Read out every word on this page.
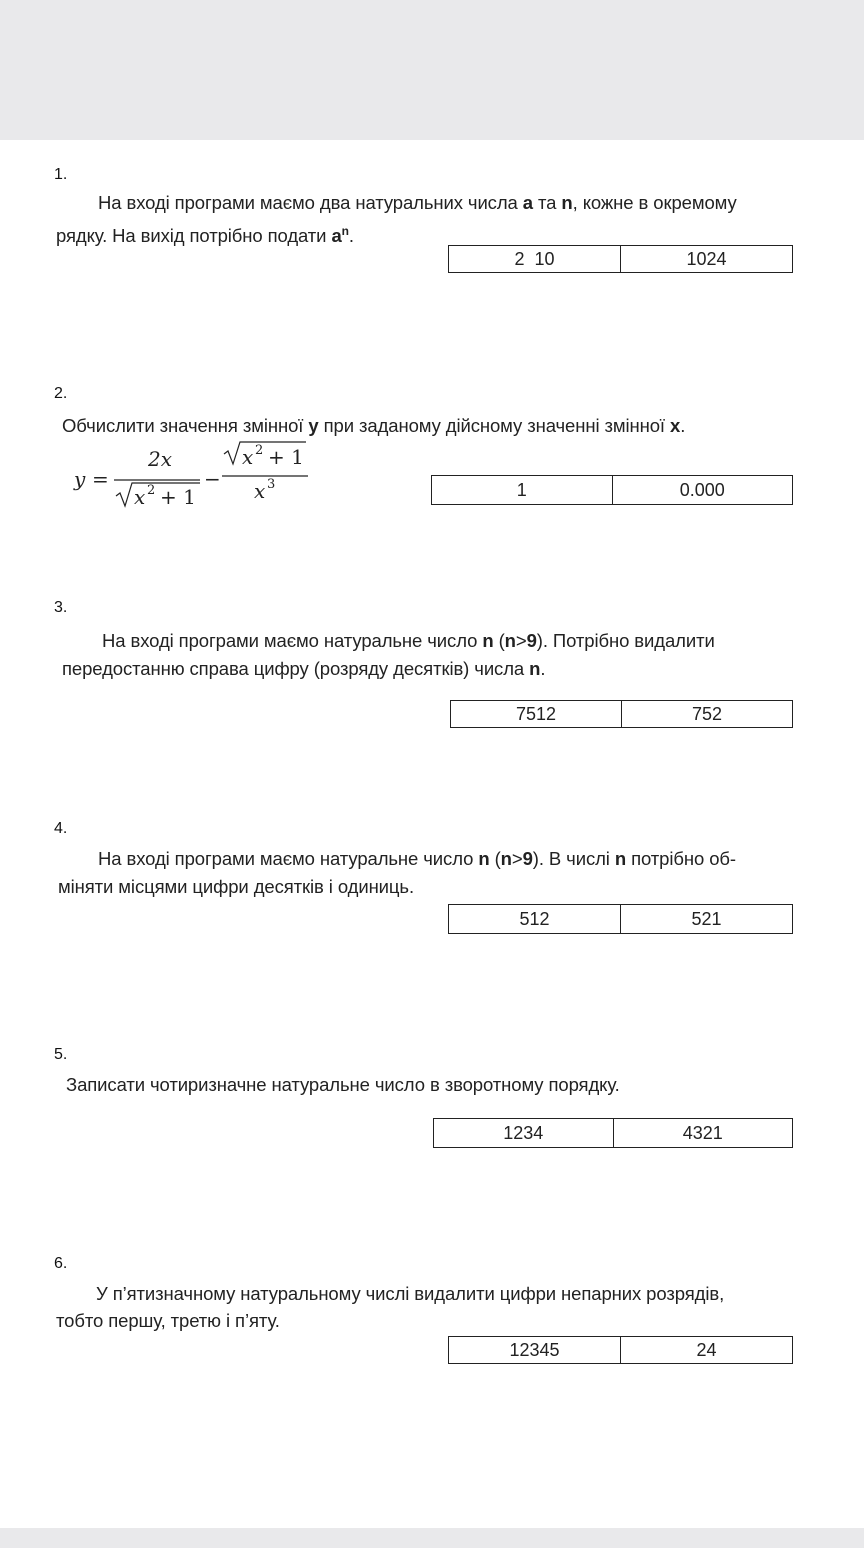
1.
На вході програми маємо два натуральних числа a та n, кожне в окремому
рядку. На вихід потрібно подати $a^n$.
2  10	1024
2.
Обчислити значення змінної y при заданому дійсному значенні змінної x.
y =
2x
x 2 + 1
−
x 2 + 1
x 3	1	0.000
3.
На вході програми маємо натуральне число n (n>9). Потрібно видалити
передостанню справа цифру (розряду десятків) числа n.
7512	752
4.
На вході програми маємо натуральне число n (n>9). В числі n потрібно об-
міняти місцями цифри десятків і одиниць.
512	521
5.
Записати чотиризначне натуральне число в зворотному порядку.
1234	4321
6.
У п’ятизначному натуральному числі видалити цифри непарних розрядів,
тобто першу, третю і п’яту.
12345	24
